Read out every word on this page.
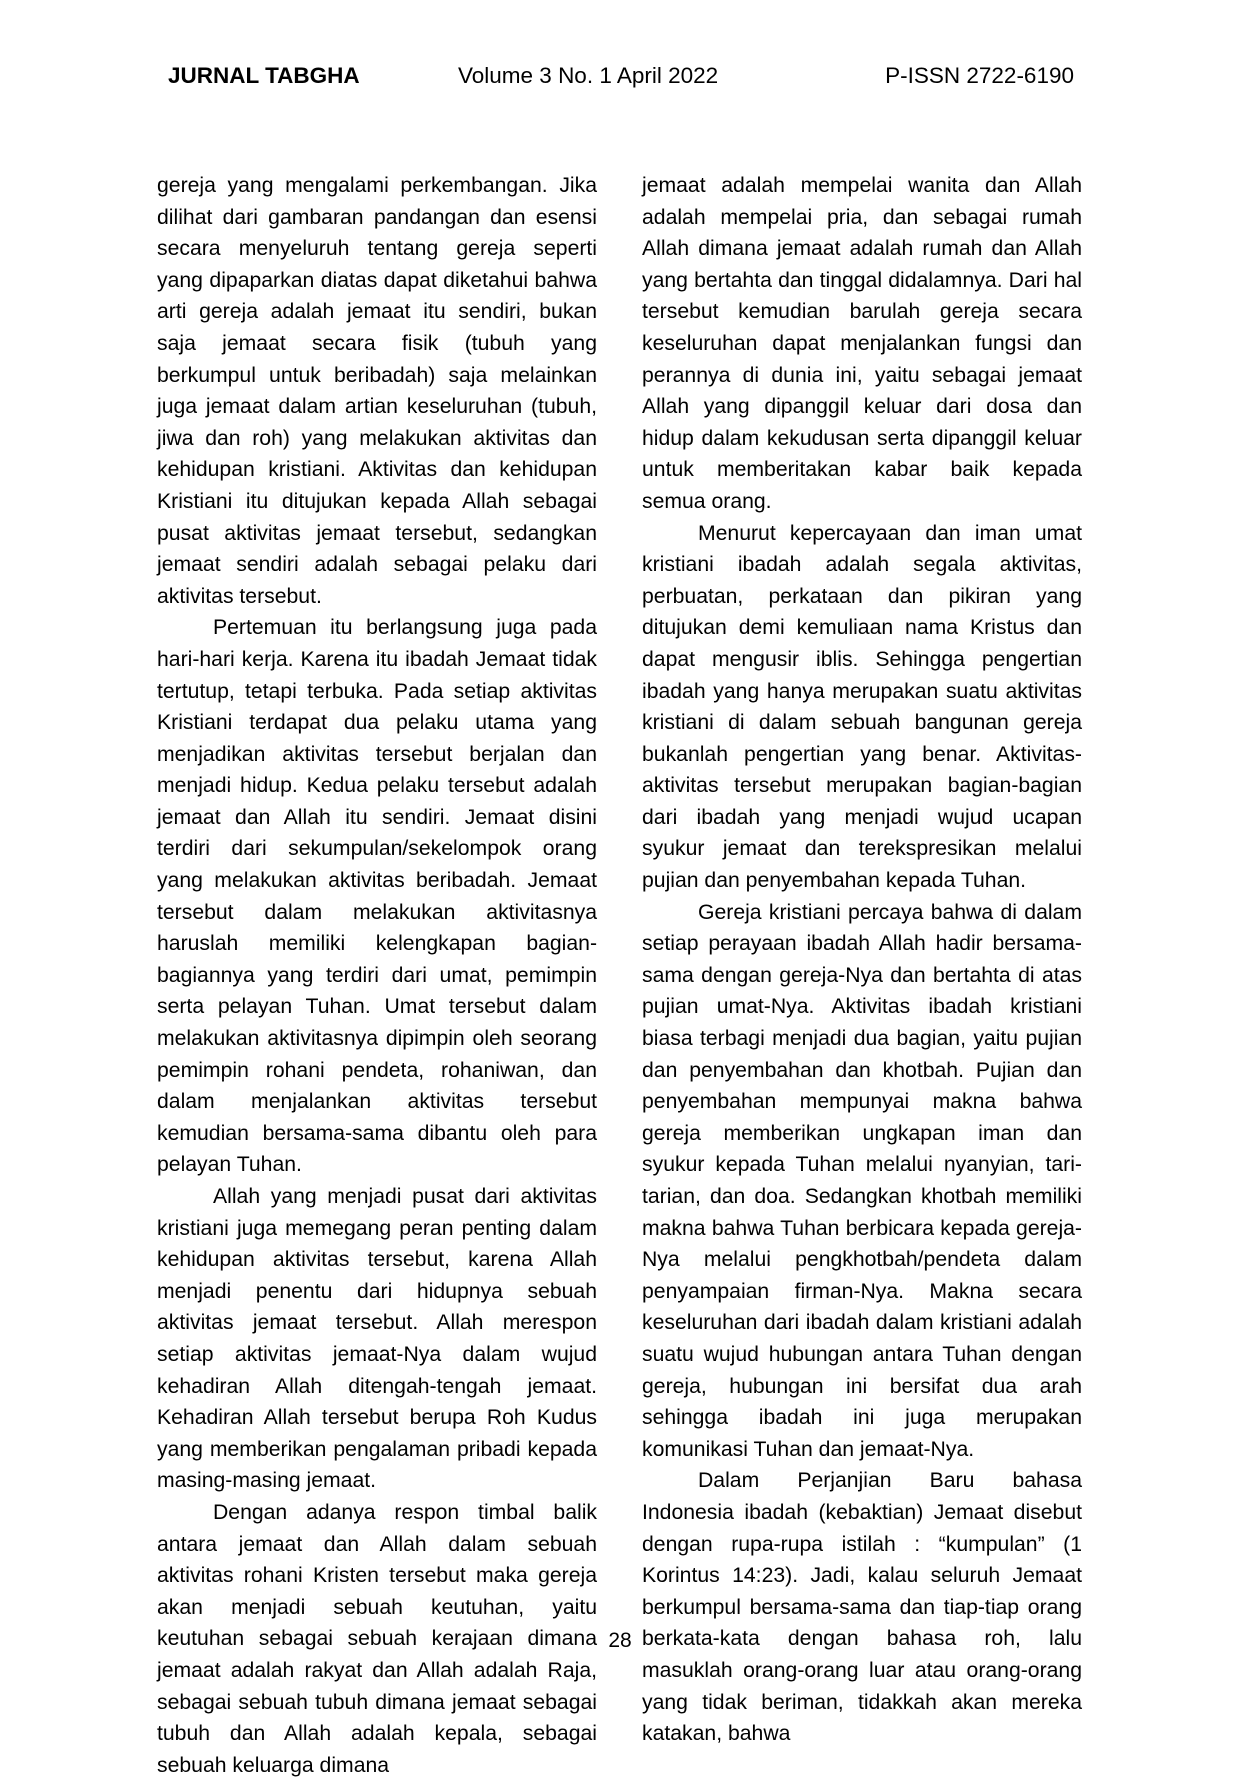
JURNAL TABGHA	Volume 3 No. 1 April 2022	P-ISSN 2722-6190

gereja yang mengalami perkembangan. Jika dilihat dari gambaran pandangan dan esensi secara menyeluruh tentang gereja seperti yang dipaparkan diatas dapat diketahui bahwa arti gereja adalah jemaat itu sendiri, bukan saja jemaat secara fisik (tubuh yang berkumpul untuk beribadah) saja melainkan juga jemaat dalam artian keseluruhan (tubuh, jiwa dan roh) yang melakukan aktivitas dan kehidupan kristiani. Aktivitas dan kehidupan Kristiani itu ditujukan kepada Allah sebagai pusat aktivitas jemaat tersebut, sedangkan jemaat sendiri adalah sebagai pelaku dari aktivitas tersebut.

Pertemuan itu berlangsung juga pada hari-hari kerja. Karena itu ibadah Jemaat tidak tertutup, tetapi terbuka. Pada setiap aktivitas Kristiani terdapat dua pelaku utama yang menjadikan aktivitas tersebut berjalan dan menjadi hidup. Kedua pelaku tersebut adalah jemaat dan Allah itu sendiri. Jemaat disini terdiri dari sekumpulan/sekelompok orang yang melakukan aktivitas beribadah. Jemaat tersebut dalam melakukan aktivitasnya haruslah memiliki kelengkapan bagian-bagiannya yang terdiri dari umat, pemimpin serta pelayan Tuhan. Umat tersebut dalam melakukan aktivitasnya dipimpin oleh seorang pemimpin rohani pendeta, rohaniwan, dan dalam menjalankan aktivitas tersebut kemudian bersama-sama dibantu oleh para pelayan Tuhan.

Allah yang menjadi pusat dari aktivitas kristiani juga memegang peran penting dalam kehidupan aktivitas tersebut, karena Allah menjadi penentu dari hidupnya sebuah aktivitas jemaat tersebut. Allah merespon setiap aktivitas jemaat-Nya dalam wujud kehadiran Allah ditengah-tengah jemaat. Kehadiran Allah tersebut berupa Roh Kudus yang memberikan pengalaman pribadi kepada masing-masing jemaat.

Dengan adanya respon timbal balik antara jemaat dan Allah dalam sebuah aktivitas rohani Kristen tersebut maka gereja akan menjadi sebuah keutuhan, yaitu keutuhan sebagai sebuah kerajaan dimana jemaat adalah rakyat dan Allah adalah Raja, sebagai sebuah tubuh dimana jemaat sebagai tubuh dan Allah adalah kepala, sebagai sebuah keluarga dimana

jemaat adalah mempelai wanita dan Allah adalah mempelai pria, dan sebagai rumah Allah dimana jemaat adalah rumah dan Allah yang bertahta dan tinggal didalamnya. Dari hal tersebut kemudian barulah gereja secara keseluruhan dapat menjalankan fungsi dan perannya di dunia ini, yaitu sebagai jemaat Allah yang dipanggil keluar dari dosa dan hidup dalam kekudusan serta dipanggil keluar untuk memberitakan kabar baik kepada semua orang.

Menurut kepercayaan dan iman umat kristiani ibadah adalah segala aktivitas, perbuatan, perkataan dan pikiran yang ditujukan demi kemuliaan nama Kristus dan dapat mengusir iblis. Sehingga pengertian ibadah yang hanya merupakan suatu aktivitas kristiani di dalam sebuah bangunan gereja bukanlah pengertian yang benar. Aktivitas-aktivitas tersebut merupakan bagian-bagian dari ibadah yang menjadi wujud ucapan syukur jemaat dan terekspresikan melalui pujian dan penyembahan kepada Tuhan.

Gereja kristiani percaya bahwa di dalam setiap perayaan ibadah Allah hadir bersama-sama dengan gereja-Nya dan bertahta di atas pujian umat-Nya. Aktivitas ibadah kristiani biasa terbagi menjadi dua bagian, yaitu pujian dan penyembahan dan khotbah. Pujian dan penyembahan mempunyai makna bahwa gereja memberikan ungkapan iman dan syukur kepada Tuhan melalui nyanyian, tari-tarian, dan doa. Sedangkan khotbah memiliki makna bahwa Tuhan berbicara kepada gereja-Nya melalui pengkhotbah/pendeta dalam penyampaian firman-Nya. Makna secara keseluruhan dari ibadah dalam kristiani adalah suatu wujud hubungan antara Tuhan dengan gereja, hubungan ini bersifat dua arah sehingga ibadah ini juga merupakan komunikasi Tuhan dan jemaat-Nya.

Dalam Perjanjian Baru bahasa Indonesia ibadah (kebaktian) Jemaat disebut dengan rupa-rupa istilah : “kumpulan” (1 Korintus 14:23). Jadi, kalau seluruh Jemaat berkumpul bersama-sama dan tiap-tiap orang berkata-kata dengan bahasa roh, lalu masuklah orang-orang luar atau orang-orang yang tidak beriman, tidakkah akan mereka katakan, bahwa

28
